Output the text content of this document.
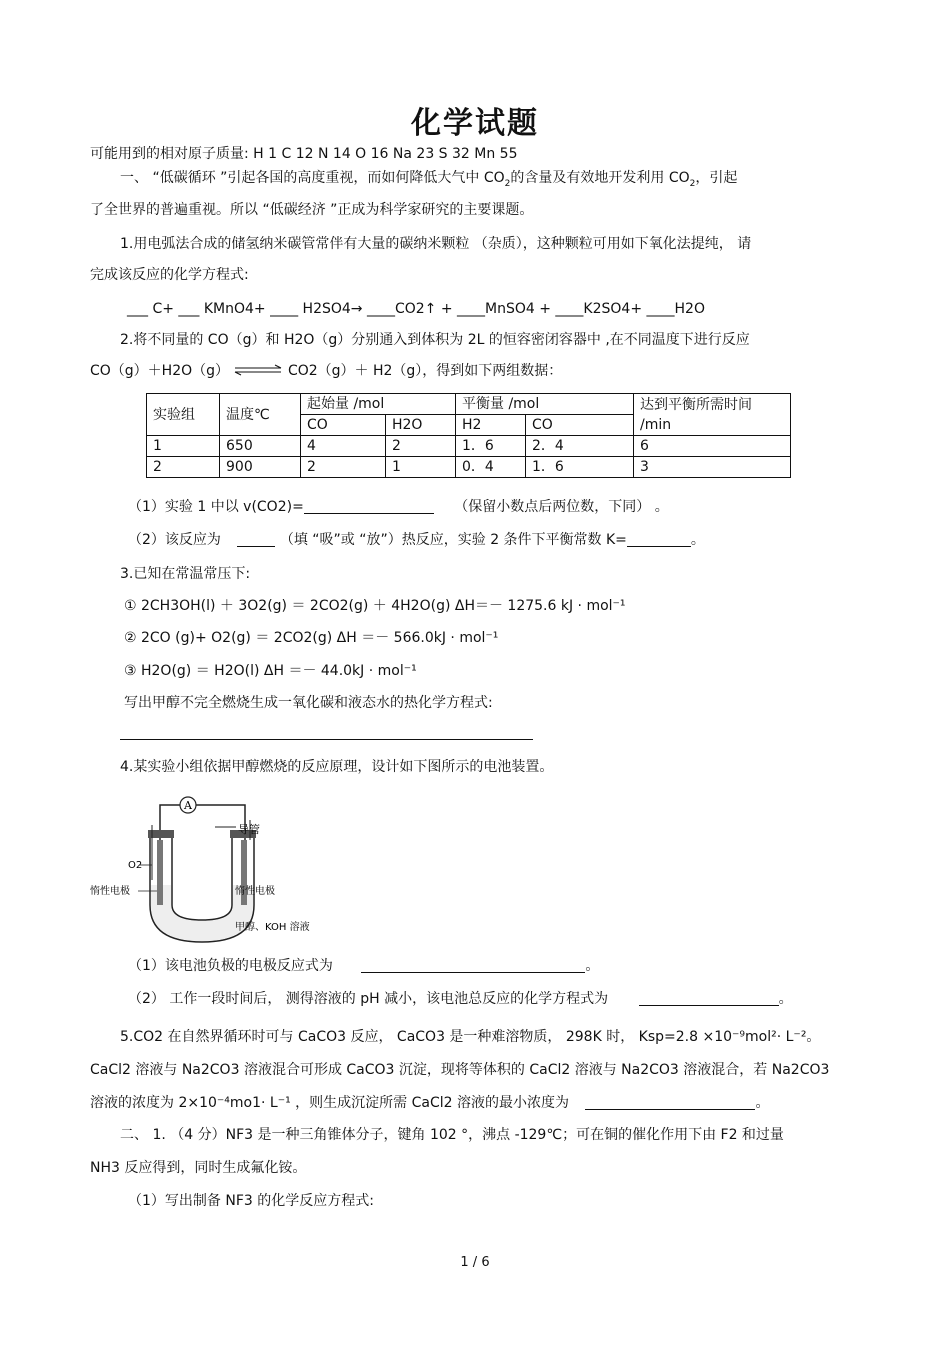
化学试题
可能用到的相对原子质量: H 1 C 12 N 14 O 16 Na 23 S 32 Mn 55
一、 “低碳循环 ”引起各国的高度重视，而如何降低大气中 $CO_2$的含量及有效地开发利用 $CO_2$，引起
了全世界的普遍重视。所以 “低碳经济 ”正成为科学家研究的主要课题。
1.用电弧法合成的储氢纳米碳管常伴有大量的碳纳米颗粒 （杂质），这种颗粒可用如下氧化法提纯， 请
完成该反应的化学方程式:
___ C+ ___ KMnO4+ ____ H2SO4→ ____CO2↑ + ____MnSO4 + ____K2SO4+ ____H2O
2.将不同量的 CO（g）和 H2O（g）分别通入到体积为 2L 的恒容密闭容器中 ,在不同温度下进行反应
CO（g）＋H2O（g） ⇌ CO2（g）＋ H2（g），得到如下两组数据：
实验组	温度℃	起始量 /mol		平衡量 /mol		达到平衡所需时间
/min

		CO	H2O	H2	CO	
1	650	4	2	1．6	2．4	6
2	900	2	1	0．4	1．6	3
（1）实验 1 中以 v(CO2)=	（保留小数点后两位数，下同） 。
（2）该反应为	（填 “吸”或 “放”）热反应，实验 2 条件下平衡常数 K=	。
3.已知在常温常压下:
① 2CH3OH(l) ＋ 3O2(g) ＝ 2CO2(g) ＋ 4H2O(g) ΔH＝－ 1275.6 kJ · mol⁻¹
② 2CO (g)+ O2(g) ＝ 2CO2(g) ΔH ＝－ 566.0kJ · mol⁻¹
③ H2O(g) ＝ H2O(l) ΔH ＝－ 44.0kJ · mol⁻¹
写出甲醇不完全燃烧生成一氧化碳和液态水的热化学方程式:
4.某实验小组依据甲醇燃烧的反应原理，设计如下图所示的电池装置。
A
导管
O2
惰性电极	惰性电极
甲醇、KOH 溶液
（1）该电池负极的电极反应式为	。
（2） 工作一段时间后， 测得溶液的 pH 减小，该电池总反应的化学方程式为	。
5.CO2 在自然界循环时可与 CaCO3 反应， CaCO3 是一种难溶物质， 298K 时， Ksp=2.8 ×10⁻⁹mol²· L⁻²。
CaCl2 溶液与 Na2CO3 溶液混合可形成 CaCO3 沉淀，现将等体积的 CaCl2 溶液与 Na2CO3 溶液混合，若 Na2CO3
溶液的浓度为 2×10⁻⁴mo1· L⁻¹ ，则生成沉淀所需 CaCl2 溶液的最小浓度为	。
二、 1. （4 分）NF3 是一种三角锥体分子，键角 102 °，沸点 -129℃；可在铜的催化作用下由 F2 和过量
NH3 反应得到，同时生成氟化铵。
（1）写出制备 NF3 的化学反应方程式:
1 / 6
